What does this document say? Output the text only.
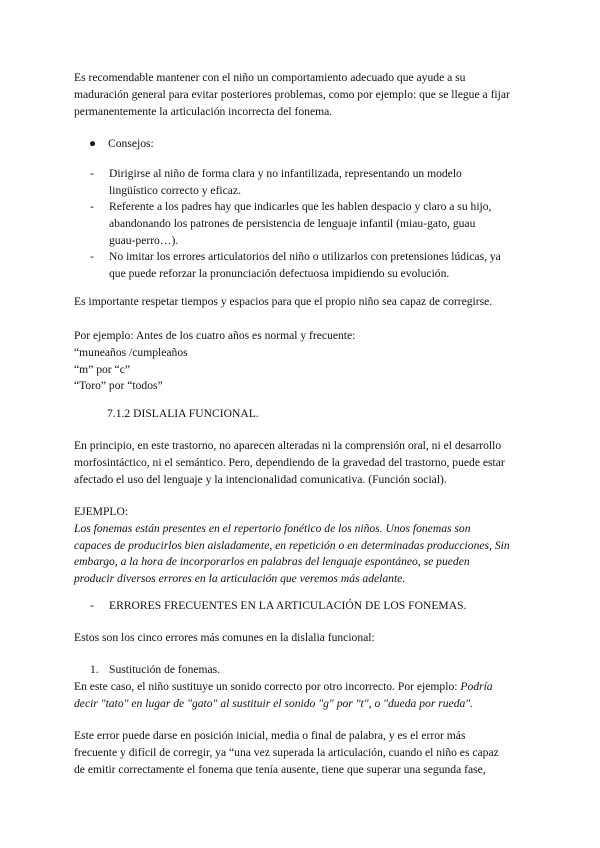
Es recomendable mantener con el niño un comportamiento adecuado que ayude a su
maduración general para evitar posteriores problemas, como por ejemplo: que se llegue a fijar
permanentemente la articulación incorrecta del fonema.

● Consejos:
- Dirigirse al niño de forma clara y no infantilizada, representando un modelo
lingüístico correcto y eficaz.
- Referente a los padres hay que indicarles que les hablen despacio y claro a su hijo,
abandonando los patrones de persistencia de lenguaje infantil (miau-gato, guau
guau-perro…).
- No imitar los errores articulatorios del niño o utilizarlos con pretensiones lúdicas, ya
que puede reforzar la pronunciación defectuosa impidiendo su evolución.

Es importante respetar tiempos y espacios para que el propio niño sea capaz de corregirse.

Por ejemplo: Antes de los cuatro años es normal y frecuente:
“muneaños /cumpleaños
“m” por “c”
“Toro” por “todos”

7.1.2 DISLALIA FUNCIONAL.

En principio, en este trastorno, no aparecen alteradas ni la comprensión oral, ni el desarrollo
morfosintáctico, ni el semántico. Pero, dependiendo de la gravedad del trastorno, puede estar
afectado el uso del lenguaje y la intencionalidad comunicativa. (Función social).

EJEMPLO:
Los fonemas están presentes en el repertorio fonético de los niños. Unos fonemas son
capaces de producirlos bien aisladamente, en repetición o en determinadas producciones, Sin
embargo, a la hora de incorporarlos en palabras del lenguaje espontáneo, se pueden
producir diversos errores en la articulación que veremos más adelante.

- ERRORES FRECUENTES EN LA ARTICULACIÓN DE LOS FONEMAS.

Estos son los cinco errores más comunes en la dislalia funcional:

1. Sustitución de fonemas.

En este caso, el niño sustituye un sonido correcto por otro incorrecto. Por ejemplo: Podría
decir "tato" en lugar de "gato" al sustituir el sonido "g" por "t", o "dueda por rueda".

Este error puede darse en posición inicial, media o final de palabra, y es el error más
frecuente y difícil de corregir, ya “una vez superada la articulación, cuando el niño es capaz
de emitir correctamente el fonema que tenía ausente, tiene que superar una segunda fase,
